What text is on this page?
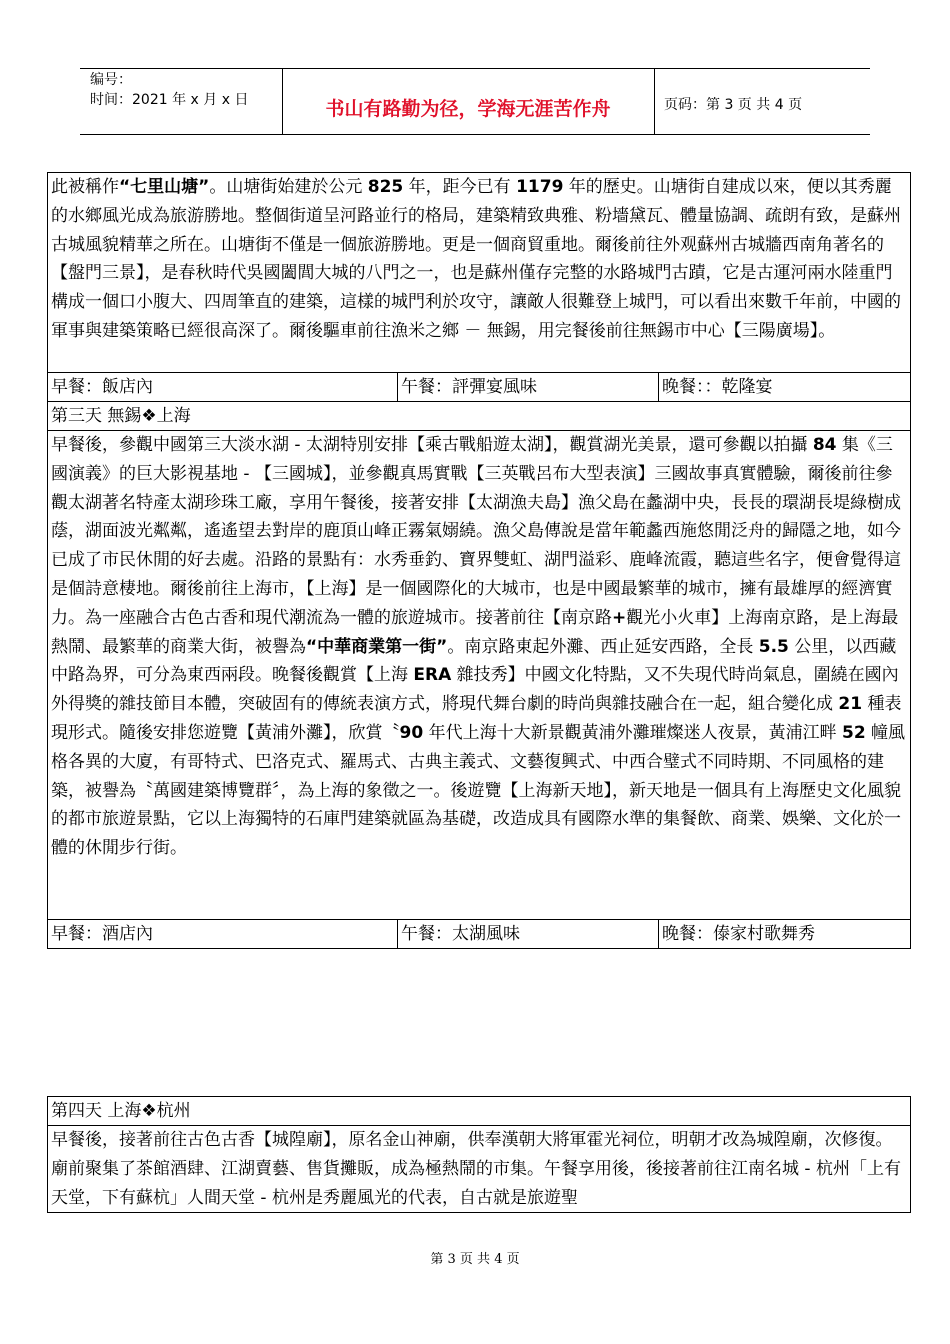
编号：
时间：2021 年 x 月 x 日	书山有路勤为径，学海无涯苦作舟	页码：第 3 页 共 4 页
此被稱作“七里山塘”。山塘街始建於公元 825 年，距今已有 1179 年的歷史。山塘街自建成以來，便以其秀麗的水鄉風光成為旅游勝地。整個街道呈河路並行的格局，建築精致典雅、粉墻黛瓦、體量協調、疏朗有致，是蘇州古城風貌精華之所在。山塘街不僅是一個旅游勝地。更是一個商貿重地。爾後前往外观蘇州古城牆西南角著名的【盤門三景】，是春秋時代吳國闔閭大城的八門之一，也是蘇州僅存完整的水路城門古蹟，它是古運河兩水陸重門構成一個口小腹大、四周筆直的建築，這樣的城門利於攻守，讓敵人很難登上城門，可以看出來數千年前，中國的軍事與建築策略已經很高深了。爾後驅車前往漁米之鄉 － 無錫，用完餐後前往無錫市中心【三陽廣場】。		

早餐：飯店內	午餐：評彈宴風味	晚餐：：乾隆宴
第三天 無錫❖上海		

早餐後，參觀中國第三大淡水湖 - 太湖特別安排【乘古戰船遊太湖】，觀賞湖光美景，還可參觀以拍攝 84 集《三國演義》的巨大影視基地 - 【三國城】，並參觀真馬實戰【三英戰呂布大型表演】三國故事真實體驗，爾後前往參觀太湖著名特產太湖珍珠工廠，享用午餐後，接著安排【太湖漁夫島】漁父島在蠡湖中央，長長的環湖長堤綠樹成蔭，湖面波光粼粼，遙遙望去對岸的鹿頂山峰正霧氣嫋繞。漁父島傳說是當年範蠡西施悠閒泛舟的歸隱之地，如今已成了市民休閒的好去處。沿路的景點有：水秀垂釣、寶界雙虹、湖門溢彩、鹿峰流霞，聽這些名字，便會覺得這是個詩意棲地。爾後前往上海市，【上海】是一個國際化的大城市，也是中國最繁華的城市，擁有最雄厚的經濟實力。為一座融合古色古香和現代潮流為一體的旅遊城市。接著前往【南京路+觀光小火車】上海南京路，是上海最熱鬧、最繁華的商業大街，被譽為“中華商業第一街”。南京路東起外灘、西止延安西路，全長 5.5 公里，以西藏中路為界，可分為東西兩段。晚餐後觀賞【上海 ERA 雜技秀】中國文化特點，又不失現代時尚氣息，圍繞在國內外得獎的雜技節目本體，突破固有的傳統表演方式，將現代舞台劇的時尚與雜技融合在一起，組合變化成 21 種表現形式。隨後安排您遊覽【黃浦外灘】，欣賞〝90 年代上海十大新景觀黃浦外灘璀燦迷人夜景，黃浦江畔 52 幢風格各異的大廈，有哥特式、巴洛克式、羅馬式、古典主義式、文藝復興式、中西合璧式不同時期、不同風格的建築，被譽為〝萬國建築博覽群〞，為上海的象徵之一。後遊覽【上海新天地】，新天地是一個具有上海歷史文化風貌的都市旅遊景點，它以上海獨特的石庫門建築就區為基礎，改造成具有國際水準的集餐飲、商業、娛樂、文化於一體的休閒步行街。		

早餐：酒店內	午餐：太湖風味	晚餐：傣家村歌舞秀
第四天 上海❖杭州

早餐後，接著前往古色古香【城隍廟】，原名金山神廟，供奉漢朝大將軍霍光祠位，明朝才改為城隍廟，次修復。廟前聚集了茶館酒肆、江湖賣藝、售貨攤販，成為極熱鬧的市集。午餐享用後，後接著前往江南名城 - 杭州「上有天堂，下有蘇杭」人間天堂 - 杭州是秀麗風光的代表，自古就是旅遊聖
第 3 页 共 4 页
